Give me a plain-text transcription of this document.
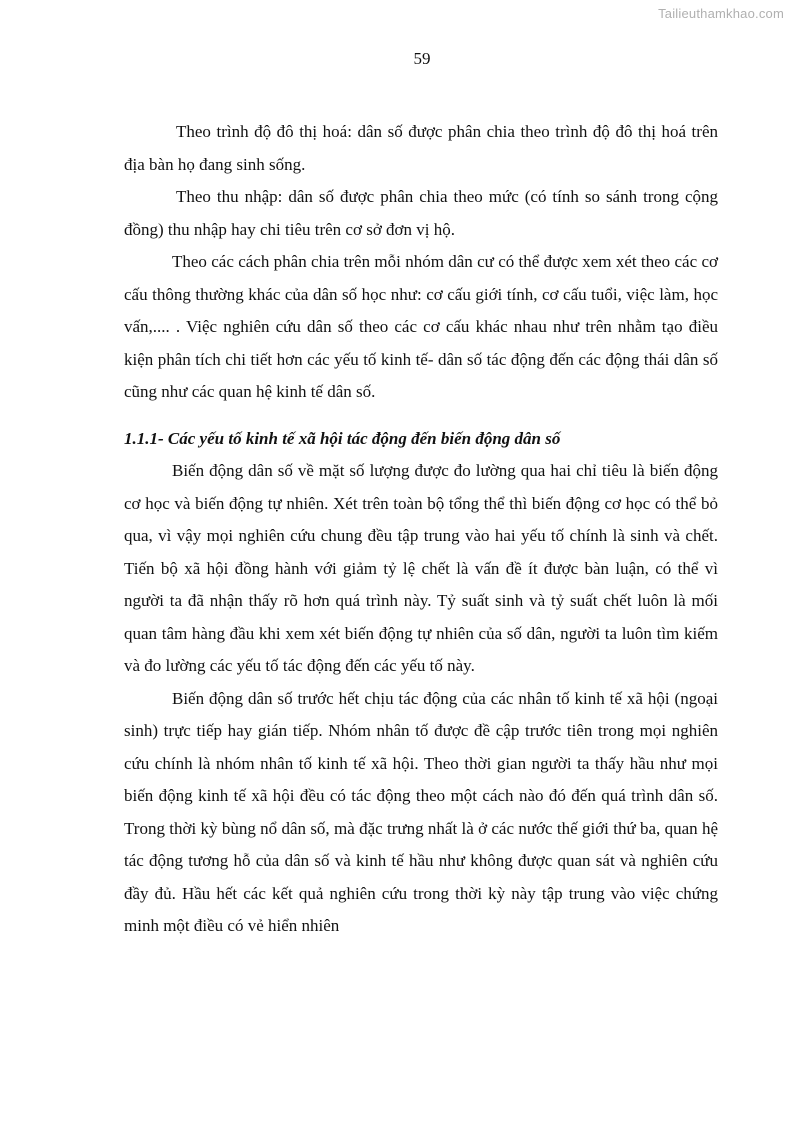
Tailieuthamkhao.com
59

Theo trình độ đô thị hoá: dân số được phân chia theo trình độ đô thị hoá trên địa bàn họ đang sinh sống.

Theo thu nhập: dân số được phân chia theo mức (có tính so sánh trong cộng đồng) thu nhập hay chi tiêu trên cơ sở đơn vị hộ.

Theo các cách phân chia trên mỗi nhóm dân cư có thể được xem xét theo các cơ cấu thông thường khác của dân số học như: cơ cấu giới tính, cơ cấu tuổi, việc làm, học vấn,.... . Việc nghiên cứu dân số theo các cơ cấu khác nhau như trên nhằm tạo điều kiện phân tích chi tiết hơn các yếu tố kinh tế- dân số tác động đến các động thái dân số cũng như các quan hệ kinh tế dân số.

1.1.1- Các yếu tố kinh tế xã hội tác động đến biến động dân số

Biến động dân số về mặt số lượng được đo lường qua hai chỉ tiêu là biến động cơ học và biến động tự nhiên. Xét trên toàn bộ tổng thể thì biến động cơ học có thể bỏ qua, vì vậy mọi nghiên cứu chung đều tập trung vào hai yếu tố chính là sinh và chết. Tiến bộ xã hội đồng hành với giảm tỷ lệ chết là vấn đề ít được bàn luận, có thể vì người ta đã nhận thấy rõ hơn quá trình này. Tỷ suất sinh và tỷ suất chết luôn là mối quan tâm hàng đầu khi xem xét biến động tự nhiên của số dân, người ta luôn tìm kiếm và đo lường các yếu tố tác động đến các yếu tố này.

Biến động dân số trước hết chịu tác động của các nhân tố kinh tế xã hội (ngoại sinh) trực tiếp hay gián tiếp. Nhóm nhân tố được đề cập trước tiên trong mọi nghiên cứu chính là nhóm nhân tố kinh tế xã hội. Theo thời gian người ta thấy hầu như mọi biến động kinh tế xã hội đều có tác động theo một cách nào đó đến quá trình dân số. Trong thời kỳ bùng nổ dân số, mà đặc trưng nhất là ở các nước thế giới thứ ba, quan hệ tác động tương hỗ của dân số và kinh tế hầu như không được quan sát và nghiên cứu đầy đủ. Hầu hết các kết quả nghiên cứu trong thời kỳ này tập trung vào việc chứng minh một điều có vẻ hiển nhiên
